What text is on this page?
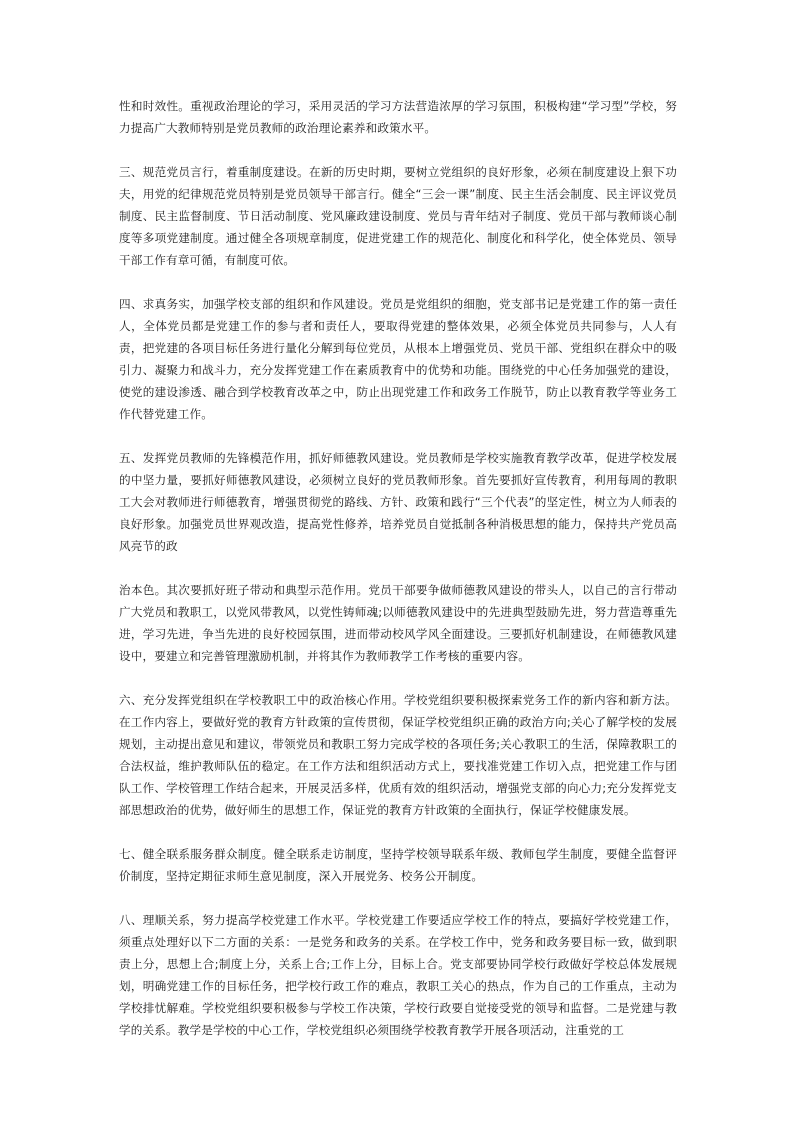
性和时效性。重视政治理论的学习，采用灵活的学习方法营造浓厚的学习氛围，积极构建“学习型”学校，努力提高广大教师特别是党员教师的政治理论素养和政策水平。

三、规范党员言行，着重制度建设。在新的历史时期，要树立党组织的良好形象，必须在制度建设上狠下功夫，用党的纪律规范党员特别是党员领导干部言行。健全“三会一课”制度、民主生活会制度、民主评议党员制度、民主监督制度、节日活动制度、党风廉政建设制度、党员与青年结对子制度、党员干部与教师谈心制度等多项党建制度。通过健全各项规章制度，促进党建工作的规范化、制度化和科学化，使全体党员、领导干部工作有章可循，有制度可依。

四、求真务实，加强学校支部的组织和作风建设。党员是党组织的细胞，党支部书记是党建工作的第一责任人，全体党员都是党建工作的参与者和责任人，要取得党建的整体效果，必须全体党员共同参与，人人有责，把党建的各项目标任务进行量化分解到每位党员，从根本上增强党员、党员干部、党组织在群众中的吸引力、凝聚力和战斗力，充分发挥党建工作在素质教育中的优势和功能。围绕党的中心任务加强党的建设，使党的建设渗透、融合到学校教育改革之中，防止出现党建工作和政务工作脱节，防止以教育教学等业务工作代替党建工作。

五、发挥党员教师的先锋模范作用，抓好师德教风建设。党员教师是学校实施教育教学改革，促进学校发展的中坚力量，要抓好师德教风建设，必须树立良好的党员教师形象。首先要抓好宣传教育，利用每周的教职工大会对教师进行师德教育，增强贯彻党的路线、方针、政策和践行“三个代表”的坚定性，树立为人师表的良好形象。加强党员世界观改造，提高党性修养，培养党员自觉抵制各种消极思想的能力，保持共产党员高风亮节的政

治本色。其次要抓好班子带动和典型示范作用。党员干部要争做师德教风建设的带头人，以自己的言行带动广大党员和教职工，以党风带教风，以党性铸师魂;以师德教风建设中的先进典型鼓励先进，努力营造尊重先进，学习先进，争当先进的良好校园氛围，进而带动校风学风全面建设。三要抓好机制建设，在师德教风建设中，要建立和完善管理激励机制，并将其作为教师教学工作考核的重要内容。

六、充分发挥党组织在学校教职工中的政治核心作用。学校党组织要积极探索党务工作的新内容和新方法。在工作内容上，要做好党的教育方针政策的宣传贯彻，保证学校党组织正确的政治方向;关心了解学校的发展规划，主动提出意见和建议，带领党员和教职工努力完成学校的各项任务;关心教职工的生活，保障教职工的合法权益，维护教师队伍的稳定。在工作方法和组织活动方式上，要找准党建工作切入点，把党建工作与团队工作、学校管理工作结合起来，开展灵活多样，优质有效的组织活动，增强党支部的向心力;充分发挥党支部思想政治的优势，做好师生的思想工作，保证党的教育方针政策的全面执行，保证学校健康发展。

七、健全联系服务群众制度。健全联系走访制度，坚持学校领导联系年级、教师包学生制度，要健全监督评价制度，坚持定期征求师生意见制度，深入开展党务、校务公开制度。

八、理顺关系，努力提高学校党建工作水平。学校党建工作要适应学校工作的特点，要搞好学校党建工作，须重点处理好以下二方面的关系：一是党务和政务的关系。在学校工作中，党务和政务要目标一致，做到职责上分，思想上合;制度上分，关系上合;工作上分，目标上合。党支部要协同学校行政做好学校总体发展规划，明确党建工作的目标任务，把学校行政工作的难点，教职工关心的热点，作为自己的工作重点，主动为学校排忧解难。学校党组织要积极参与学校工作决策，学校行政要自觉接受党的领导和监督。二是党建与教学的关系。教学是学校的中心工作，学校党组织必须围绕学校教育教学开展各项活动，注重党的工
